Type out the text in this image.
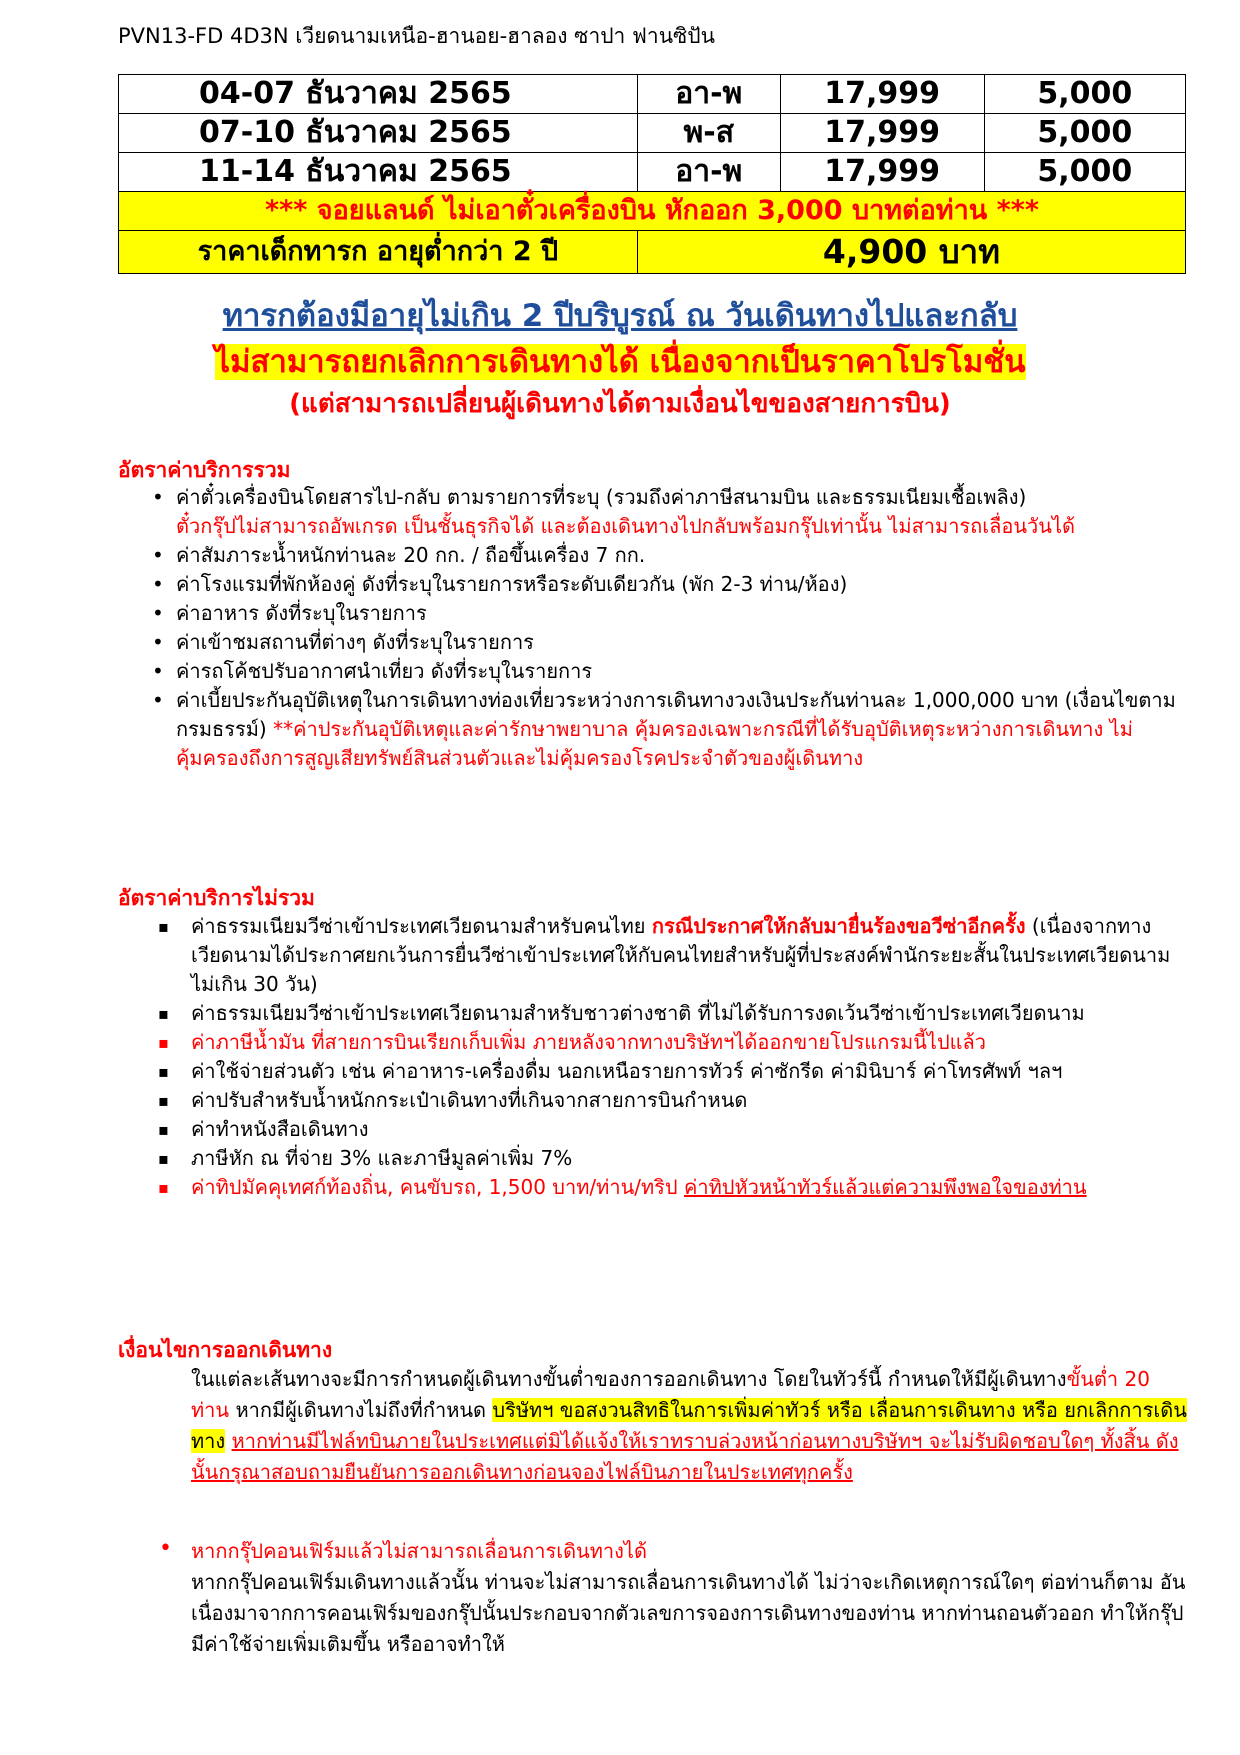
PVN13-FD 4D3N เวียดนามเหนือ-ฮานอย-ฮาลอง ซาปา ฟานซิปัน
04-07 ธันวาคม 2565	อา-พ	17,999	5,000
07-10 ธันวาคม 2565	พ-ส	17,999	5,000
11-14 ธันวาคม 2565	อา-พ	17,999	5,000
*** จอยแลนด์ ไม่เอาตั๋วเครื่องบิน หักออก 3,000 บาทต่อท่าน ***			
ราคาเด็กทารก อายุต่ำกว่า 2 ปี	4,900 บาท		
ทารกต้องมีอายุไม่เกิน 2 ปีบริบูรณ์ ณ วันเดินทางไปและกลับ
ไม่สามารถยกเลิกการเดินทางได้ เนื่องจากเป็นราคาโปรโมชั่น
(แต่สามารถเปลี่ยนผู้เดินทางได้ตามเงื่อนไขของสายการบิน)
อัตราค่าบริการรวม
• ค่าตั๋วเครื่องบินโดยสารไป-กลับ ตามรายการที่ระบุ (รวมถึงค่าภาษีสนามบิน และธรรมเนียมเชื้อเพลิง)
ตั๋วกรุ๊ปไม่สามารถอัพเกรด เป็นชั้นธุรกิจได้ และต้องเดินทางไปกลับพร้อมกรุ๊ปเท่านั้น ไม่สามารถเลื่อนวันได้
• ค่าสัมภาระน้ำหนักท่านละ 20 กก. / ถือขึ้นเครื่อง 7 กก.
• ค่าโรงแรมที่พักห้องคู่ ดังที่ระบุในรายการหรือระดับเดียวกัน (พัก 2-3 ท่าน/ห้อง)
• ค่าอาหาร ดังที่ระบุในรายการ
• ค่าเข้าชมสถานที่ต่างๆ ดังที่ระบุในรายการ
• ค่ารถโค้ชปรับอากาศนำเที่ยว ดังที่ระบุในรายการ
• ค่าเบี้ยประกันอุบัติเหตุในการเดินทางท่องเที่ยวระหว่างการเดินทางวงเงินประกันท่านละ 1,000,000 บาท (เงื่อนไขตามกรมธรรม์) **ค่าประกันอุบัติเหตุและค่ารักษาพยาบาล คุ้มครองเฉพาะกรณีที่ได้รับอุบัติเหตุระหว่างการเดินทาง ไม่คุ้มครองถึงการสูญเสียทรัพย์สินส่วนตัวและไม่คุ้มครองโรคประจำตัวของผู้เดินทาง
อัตราค่าบริการไม่รวม
▪ ค่าธรรมเนียมวีซ่าเข้าประเทศเวียดนามสำหรับคนไทย กรณีประกาศให้กลับมายื่นร้องขอวีซ่าอีกครั้ง (เนื่องจากทางเวียดนามได้ประกาศยกเว้นการยื่นวีซ่าเข้าประเทศให้กับคนไทยสำหรับผู้ที่ประสงค์พำนักระยะสั้นในประเทศเวียดนามไม่เกิน 30 วัน)
▪ ค่าธรรมเนียมวีซ่าเข้าประเทศเวียดนามสำหรับชาวต่างชาติ ที่ไม่ได้รับการงดเว้นวีซ่าเข้าประเทศเวียดนาม
▪ ค่าภาษีน้ำมัน ที่สายการบินเรียกเก็บเพิ่ม ภายหลังจากทางบริษัทฯได้ออกขายโปรแกรมนี้ไปแล้ว
▪ ค่าใช้จ่ายส่วนตัว เช่น ค่าอาหาร-เครื่องดื่ม นอกเหนือรายการทัวร์ ค่าซักรีด ค่ามินิบาร์ ค่าโทรศัพท์ ฯลฯ
▪ ค่าปรับสำหรับน้ำหนักกระเป๋าเดินทางที่เกินจากสายการบินกำหนด
▪ ค่าทำหนังสือเดินทาง
▪ ภาษีหัก ณ ที่จ่าย 3% และภาษีมูลค่าเพิ่ม 7%
▪ ค่าทิปมัคคุเทศก์ท้องถิ่น, คนขับรถ, 1,500 บาท/ท่าน/ทริป ค่าทิปหัวหน้าทัวร์แล้วแต่ความพึงพอใจของท่าน
เงื่อนไขการออกเดินทาง
ในแต่ละเส้นทางจะมีการกำหนดผู้เดินทางขั้นต่ำของการออกเดินทาง โดยในทัวร์นี้ กำหนดให้มีผู้เดินทางขั้นต่ำ 20 ท่าน หากมีผู้เดินทางไม่ถึงที่กำหนด บริษัทฯ ขอสงวนสิทธิในการเพิ่มค่าทัวร์ หรือ เลื่อนการเดินทาง หรือ ยกเลิกการเดินทาง หากท่านมีไฟล์ทบินภายในประเทศแต่มิได้แจ้งให้เราทราบล่วงหน้าก่อนทางบริษัทฯ จะไม่รับผิดชอบใดๆ ทั้งสิ้น ดังนั้นกรุณาสอบถามยืนยันการออกเดินทางก่อนจองไฟล์บินภายในประเทศทุกครั้ง
• หากกรุ๊ปคอนเฟิร์มแล้วไม่สามารถเลื่อนการเดินทางได้
หากกรุ๊ปคอนเฟิร์มเดินทางแล้วนั้น ท่านจะไม่สามารถเลื่อนการเดินทางได้ ไม่ว่าจะเกิดเหตุการณ์ใดๆ ต่อท่านก็ตาม อันเนื่องมาจากการคอนเฟิร์มของกรุ๊ปนั้นประกอบจากตัวเลขการจองการเดินทางของท่าน หากท่านถอนตัวออก ทำให้กรุ๊ปมีค่าใช้จ่ายเพิ่มเติมขึ้น หรืออาจทำให้
